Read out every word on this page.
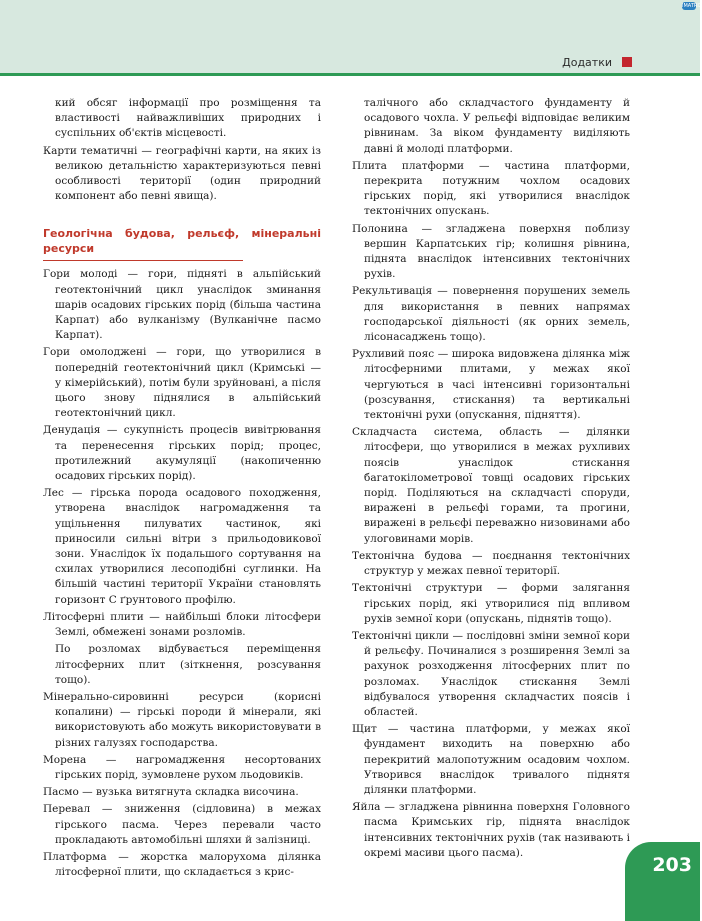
IMATRIX
Додатки

кий обсяг інформації про розміщення та властивості найважливіших природних і суспільних об'єктів місцевості.

Карти тематичні — географічні карти, на яких із великою детальністю характеризуються певні особливості території (один природний компонент або певні явища).

Геологічна будова, рельєф, мінеральні ресурси

Гори молоді — гори, підняті в альпійський геотектонічний цикл унаслідок зминання шарів осадових гірських порід (більша частина Карпат) або вулканізму (Вулканічне пасмо Карпат).

Гори омолоджені — гори, що утворилися в попередній геотектонічний цикл (Кримські — у кімерійський), потім були зруйновані, а після цього знову піднялися в альпійський геотектонічний цикл.

Денудація — сукупність процесів вивітрювання та перенесення гірських порід; процес, протилежний акумуляції (накопиченню осадових гірських порід).

Лес — гірська порода осадового походження, утворена внаслідок нагромадження та ущільнення пилуватих частинок, які приносили сильні вітри з прильодовикової зони. Унаслідок їх подальшого сортування на схилах утворилися лесоподібні суглинки. На більшій частині території України становлять горизонт С ґрунтового профілю.

Літосферні плити — найбільші блоки літосфери Землі, обмежені зонами розломів.

По розломах відбувається переміщення літосферних плит (зіткнення, розсування тощо).

Мінерально-сировинні ресурси (корисні копалини) — гірські породи й мінерали, які використовують або можуть використовувати в різних галузях господарства.

Морена — нагромадження несортованих гірських порід, зумовлене рухом льодовиків.

Пасмо — вузька витягнута складка височина.

Перевал — зниження (сідловина) в межах гірського пасма. Через перевали часто прокладають автомобільні шляхи й залізниці.

Платформа — жорстка малорухома ділянка літосферної плити, що складається з крис-

талічного або складчастого фундаменту й осадового чохла. У рельєфі відповідає великим рівнинам. За віком фундаменту виділяють давні й молоді платформи.

Плита платформи — частина платформи, перекрита потужним чохлом осадових гірських порід, які утворилися внаслідок тектонічних опускань.

Полонина — згладжена поверхня поблизу вершин Карпатських гір; колишня рівнина, піднята внаслідок інтенсивних тектонічних рухів.

Рекультивація — повернення порушених земель для використання в певних напрямах господарської діяльності (як орних земель, лісонасаджень тощо).

Рухливий пояс — широка видовжена ділянка між літосферними плитами, у межах якої чергуються в часі інтенсивні горизонтальні (розсування, стискання) та вертикальні тектонічні рухи (опускання, підняття).

Складчаста система, область — ділянки літосфери, що утворилися в межах рухливих поясів унаслідок стискання багатокілометрової товщі осадових гірських порід. Поділяються на складчасті споруди, виражені в рельєфі горами, та прогини, виражені в рельєфі переважно низовинами або улоговинами морів.

Тектонічна будова — поєднання тектонічних структур у межах певної території.

Тектонічні структури — форми залягання гірських порід, які утворилися під впливом рухів земної кори (опускань, піднятів тощо).

Тектонічні цикли — послідовні зміни земної кори й рельєфу. Починалися з розширення Землі за рахунок розходження літосферних плит по розломах. Унаслідок стискання Землі відбувалося утворення складчастих поясів і областей.

Щит — частина платформи, у межах якої фундамент виходить на поверхню або перекритий малопотужним осадовим чохлом. Утворився внаслідок тривалого піднятя ділянки платформи.

Яйла — згладжена рівнинна поверхня Головного пасма Кримських гір, піднята внаслідок інтенсивних тектонічних рухів (так називають і окремі масиви цього пасма).

203
